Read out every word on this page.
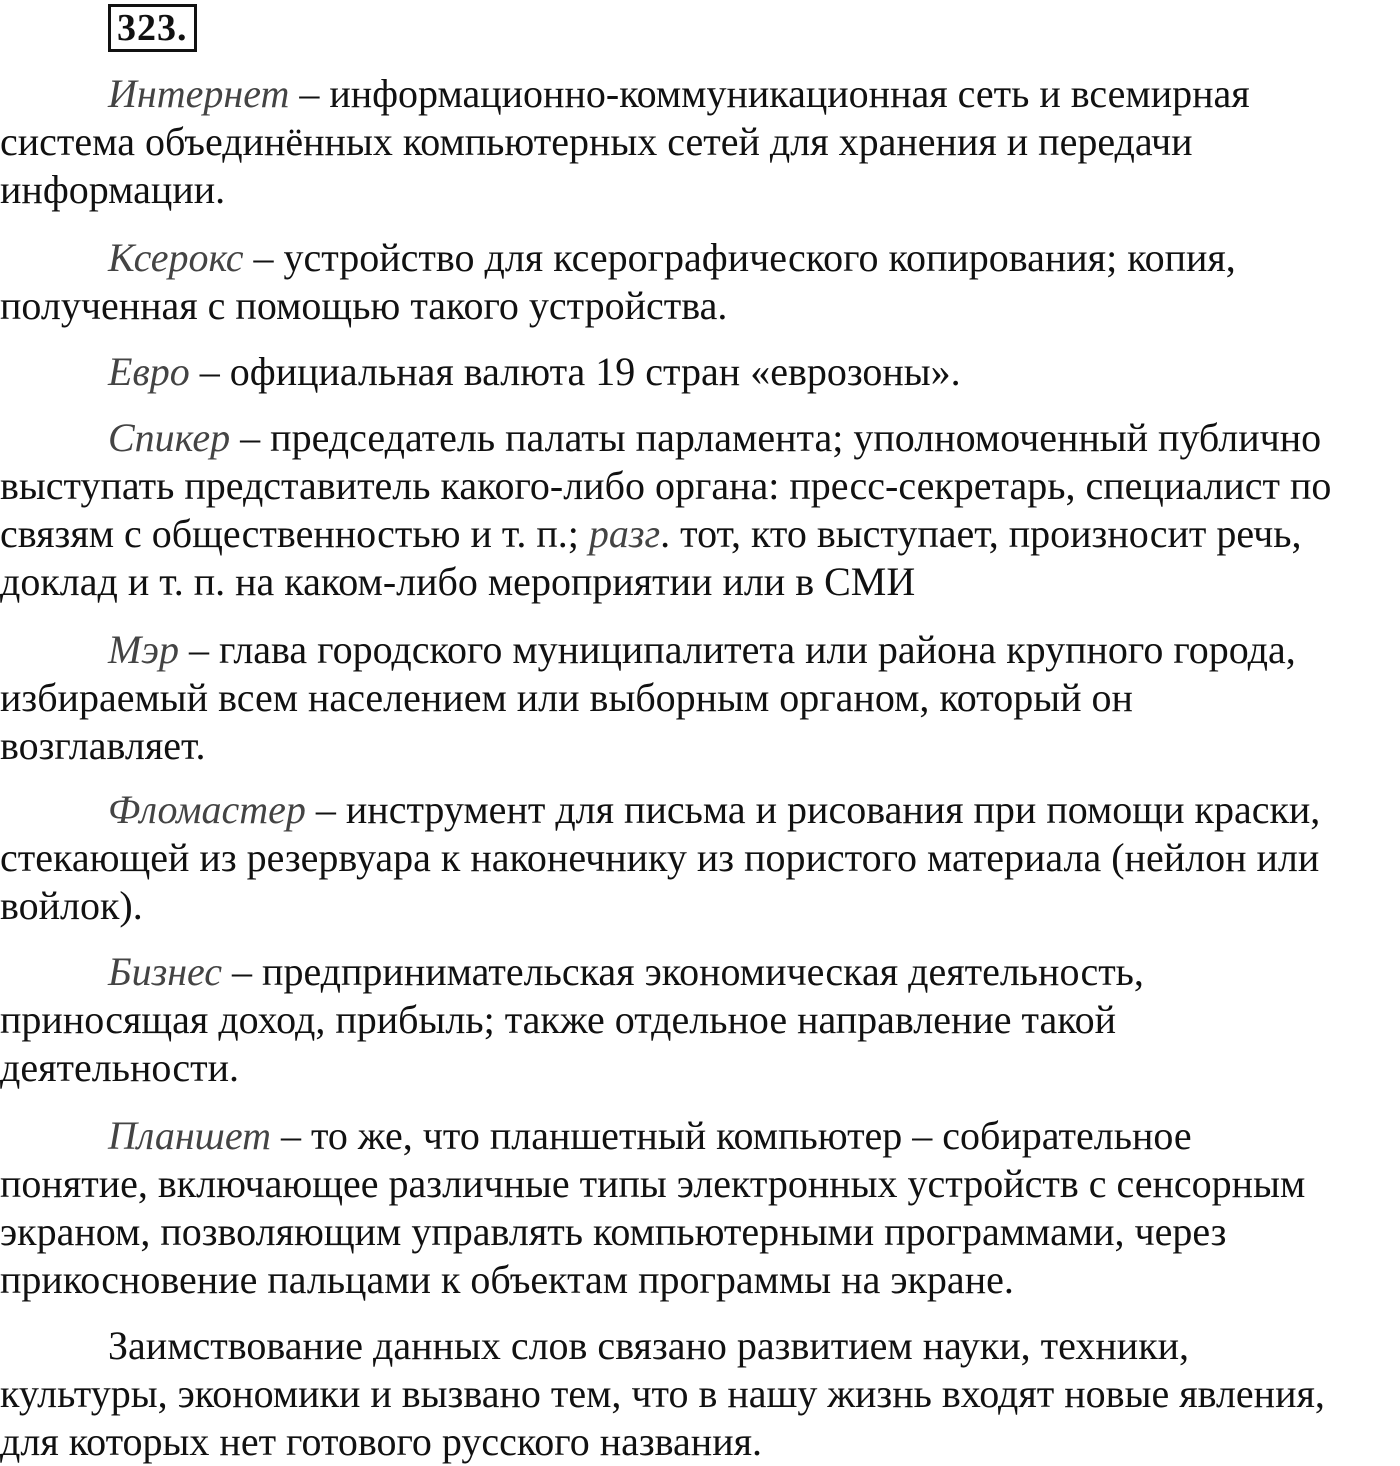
323.

Интернет – информационно-коммуникационная сеть и всемирная
система объединённых компьютерных сетей для хранения и передачи
информации.

Ксерокс – устройство для ксерографического копирования; копия,
полученная с помощью такого устройства.

Евро – официальная валюта 19 стран «еврозоны».

Спикер – председатель палаты парламента; уполномоченный публично
выступать представитель какого-либо органа: пресс-секретарь, специалист по
связям с общественностью и т. п.; разг. тот, кто выступает, произносит речь,
доклад и т. п. на каком-либо мероприятии или в СМИ

Мэр – глава городского муниципалитета или района крупного города,
избираемый всем населением или выборным органом, который он
возглавляет.

Фломастер – инструмент для письма и рисования при помощи краски,
стекающей из резервуара к наконечнику из пористого материала (нейлон или
войлок).

Бизнес – предпринимательская экономическая деятельность,
приносящая доход, прибыль; также отдельное направление такой
деятельности.

Планшет – то же, что планшетный компьютер – собирательное
понятие, включающее различные типы электронных устройств с сенсорным
экраном, позволяющим управлять компьютерными программами, через
прикосновение пальцами к объектам программы на экране.

Заимствование данных слов связано развитием науки, техники,
культуры, экономики и вызвано тем, что в нашу жизнь входят новые явления,
для которых нет готового русского названия.
